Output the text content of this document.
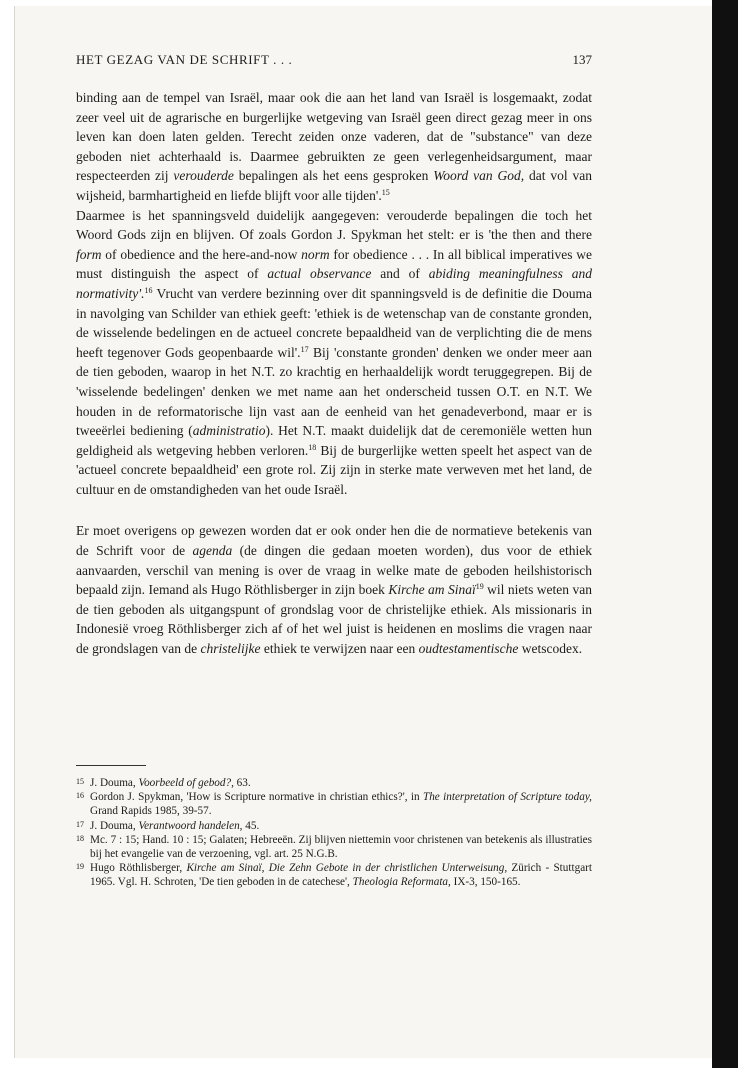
HET GEZAG VAN DE SCHRIFT . . .	137

binding aan de tempel van Israël, maar ook die aan het land van Israël is losgemaakt, zodat zeer veel uit de agrarische en burgerlijke wetgeving van Israël geen direct gezag meer in ons leven kan doen laten gelden. Terecht zeiden onze vaderen, dat de "substance" van deze geboden niet achterhaald is. Daarmee gebruikten ze geen verlegenheidsargument, maar respecteerden zij verouderde bepalingen als het eens gesproken Woord van God, dat vol van wijsheid, barmhartigheid en liefde blijft voor alle tijden'.$^{15}$

Daarmee is het spanningsveld duidelijk aangegeven: verouderde bepalingen die toch het Woord Gods zijn en blijven. Of zoals Gordon J. Spykman het stelt: er is 'the then and there form of obedience and the here-and-now norm for obedience . . . In all biblical imperatives we must distinguish the aspect of actual observance and of abiding meaningfulness and normativity'.$^{16}$ Vrucht van verdere bezinning over dit spanningsveld is de definitie die Douma in navolging van Schilder van ethiek geeft: 'ethiek is de wetenschap van de constante gronden, de wisselende bedelingen en de actueel concrete bepaaldheid van de verplichting die de mens heeft tegenover Gods geopenbaarde wil'.$^{17}$ Bij 'constante gronden' denken we onder meer aan de tien geboden, waarop in het N.T. zo krachtig en herhaaldelijk wordt teruggegrepen. Bij de 'wisselende bedelingen' denken we met name aan het onderscheid tussen O.T. en N.T. We houden in de reformatorische lijn vast aan de eenheid van het genadeverbond, maar er is tweeërlei bediening (administratio). Het N.T. maakt duidelijk dat de ceremoniële wetten hun geldigheid als wetgeving hebben verloren.$^{18}$ Bij de burgerlijke wetten speelt het aspect van de 'actueel concrete bepaaldheid' een grote rol. Zij zijn in sterke mate verweven met het land, de cultuur en de omstandigheden van het oude Israël.

Er moet overigens op gewezen worden dat er ook onder hen die de normatieve betekenis van de Schrift voor de agenda (de dingen die gedaan moeten worden), dus voor de ethiek aanvaarden, verschil van mening is over de vraag in welke mate de geboden heilshistorisch bepaald zijn. Iemand als Hugo Röthlisberger in zijn boek Kirche am Sinaï$^{19}$ wil niets weten van de tien geboden als uitgangspunt of grondslag voor de christelijke ethiek. Als missionaris in Indonesië vroeg Röthlisberger zich af of het wel juist is heidenen en moslims die vragen naar de grondslagen van de christelijke ethiek te verwijzen naar een oudtestamentische wetscodex.

15 J. Douma, Voorbeeld of gebod?, 63.

16 Gordon J. Spykman, 'How is Scripture normative in christian ethics?', in The interpretation of Scripture today, Grand Rapids 1985, 39-57.

17 J. Douma, Verantwoord handelen, 45.

18 Mc. 7 : 15; Hand. 10 : 15; Galaten; Hebreeën. Zij blijven niettemin voor christenen van betekenis als illustraties bij het evangelie van de verzoening, vgl. art. 25 N.G.B.

19 Hugo Röthlisberger, Kirche am Sinaï, Die Zehn Gebote in der christlichen Unterweisung, Zürich - Stuttgart 1965. Vgl. H. Schroten, 'De tien geboden in de catechese', Theologia Reformata, IX-3, 150-165.
